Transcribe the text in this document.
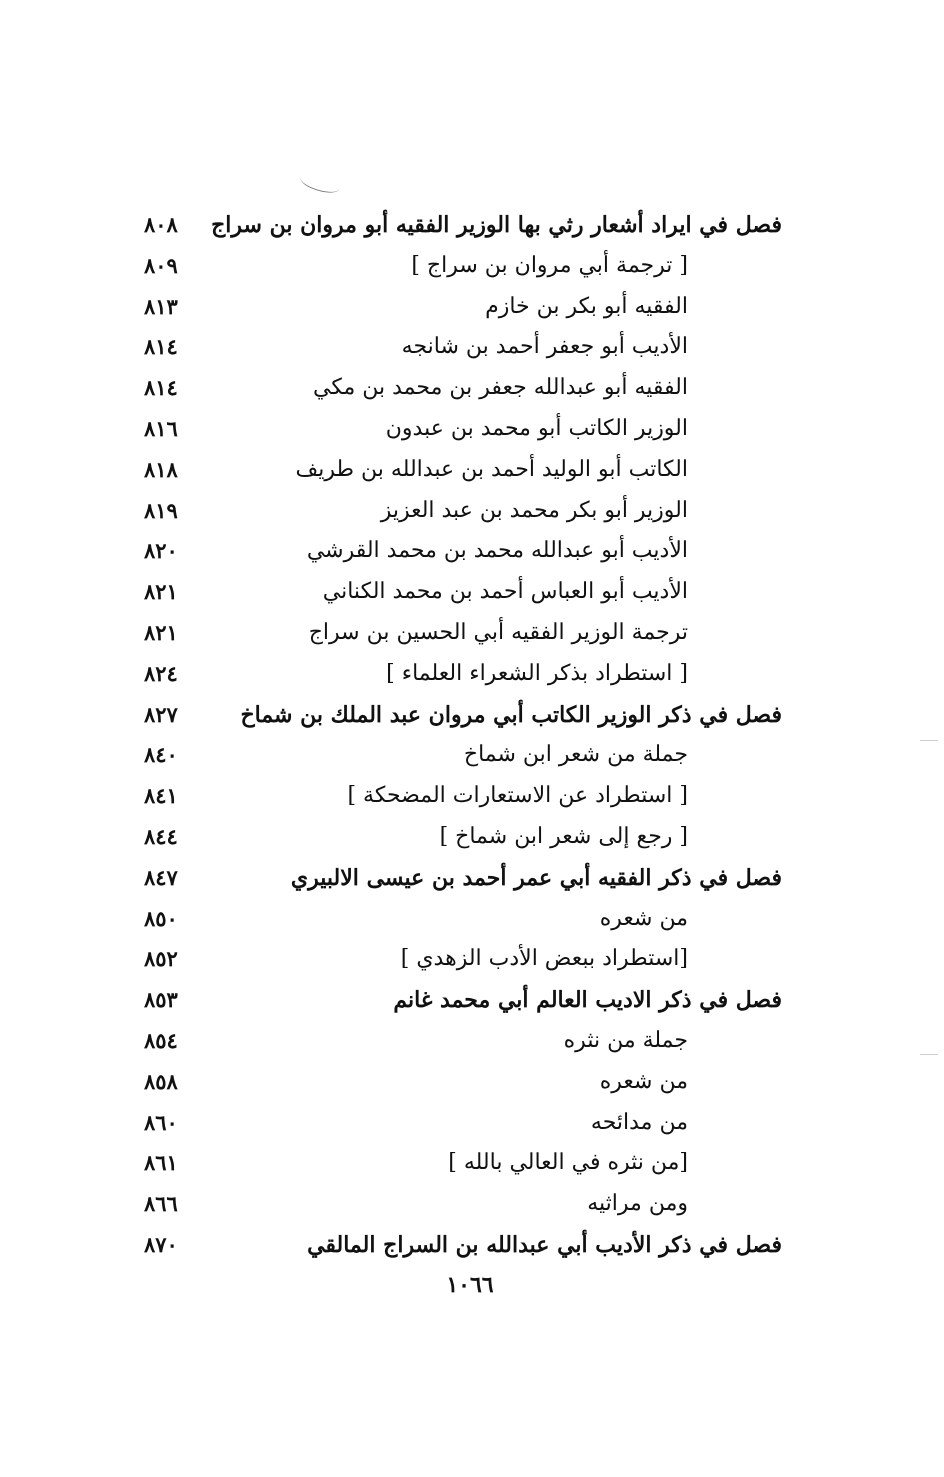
فصل في ايراد أشعار رثي بها الوزير الفقيه أبو مروان بن سراج
٨٠٨
[ ترجمة أبي مروان بن سراج ]
٨٠٩
الفقيه أبو بكر بن خازم
٨١٣
الأديب أبو جعفر أحمد بن شانجه
٨١٤
الفقيه أبو عبدالله جعفر بن محمد بن مكي
٨١٤
الوزير الكاتب أبو محمد بن عبدون
٨١٦
الكاتب أبو الوليد أحمد بن عبدالله بن طريف
٨١٨
الوزير أبو بكر محمد بن عبد العزيز
٨١٩
الأديب أبو عبدالله محمد بن محمد القرشي
٨٢٠
الأديب أبو العباس أحمد بن محمد الكناني
٨٢١
ترجمة الوزير الفقيه أبي الحسين بن سراج
٨٢١
[ استطراد بذكر الشعراء العلماء ]
٨٢٤
فصل في ذكر الوزير الكاتب أبي مروان عبد الملك بن شماخ
٨٢٧
جملة من شعر ابن شماخ
٨٤٠
[ استطراد عن الاستعارات المضحكة ]
٨٤١
[ رجع إلى شعر ابن شماخ ]
٨٤٤
فصل في ذكر الفقيه أبي عمر أحمد بن عيسى الالبيري
٨٤٧
من شعره
٨٥٠
[استطراد ببعض الأدب الزهدي ]
٨٥٢
فصل في ذكر الاديب العالم أبي محمد غانم
٨٥٣
جملة من نثره
٨٥٤
من شعره
٨٥٨
من مدائحه
٨٦٠
[من نثره في العالي بالله ]
٨٦١
ومن مراثيه
٨٦٦
فصل في ذكر الأديب أبي عبدالله بن السراج المالقي
٨٧٠
١٠٦٦
